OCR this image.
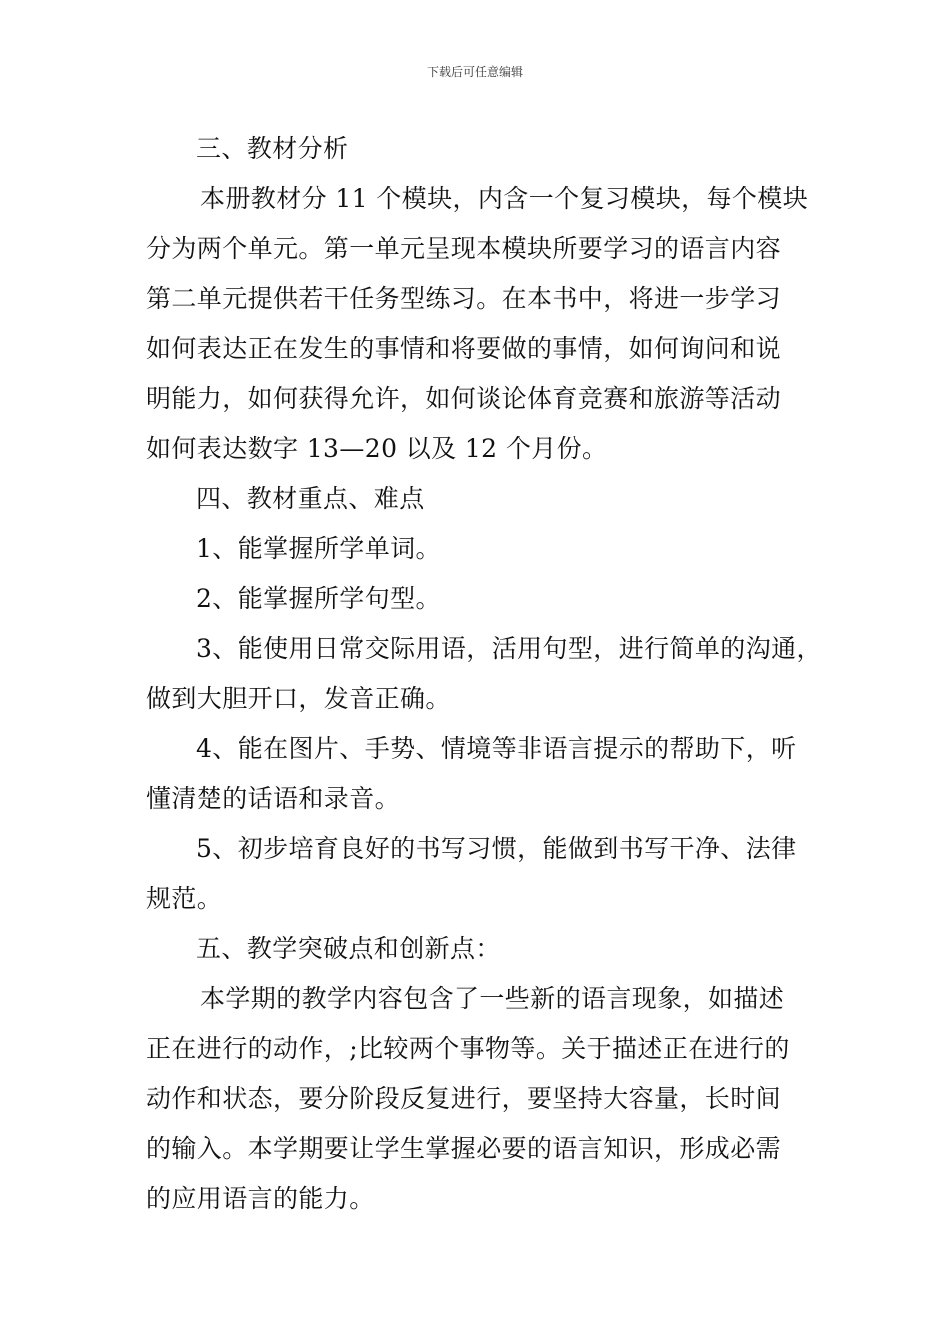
下载后可任意编辑

三、教材分析

本册教材分 11 个模块，内含一个复习模块，每个模块
分为两个单元。第一单元呈现本模块所要学习的语言内容
第二单元提供若干任务型练习。在本书中，将进一步学习
如何表达正在发生的事情和将要做的事情，如何询问和说
明能力，如何获得允许，如何谈论体育竞赛和旅游等活动
如何表达数字 13—20 以及 12 个月份。

四、教材重点、难点

1、能掌握所学单词。

2、能掌握所学句型。

3、能使用日常交际用语，活用句型，进行简单的沟通，
做到大胆开口，发音正确。

4、能在图片、手势、情境等非语言提示的帮助下，听
懂清楚的话语和录音。

5、初步培育良好的书写习惯，能做到书写干净、法律
规范。

五、教学突破点和创新点：

本学期的教学内容包含了一些新的语言现象，如描述
正在进行的动作，;比较两个事物等。关于描述正在进行的
动作和状态，要分阶段反复进行，要坚持大容量，长时间
的输入。本学期要让学生掌握必要的语言知识，形成必需
的应用语言的能力。
